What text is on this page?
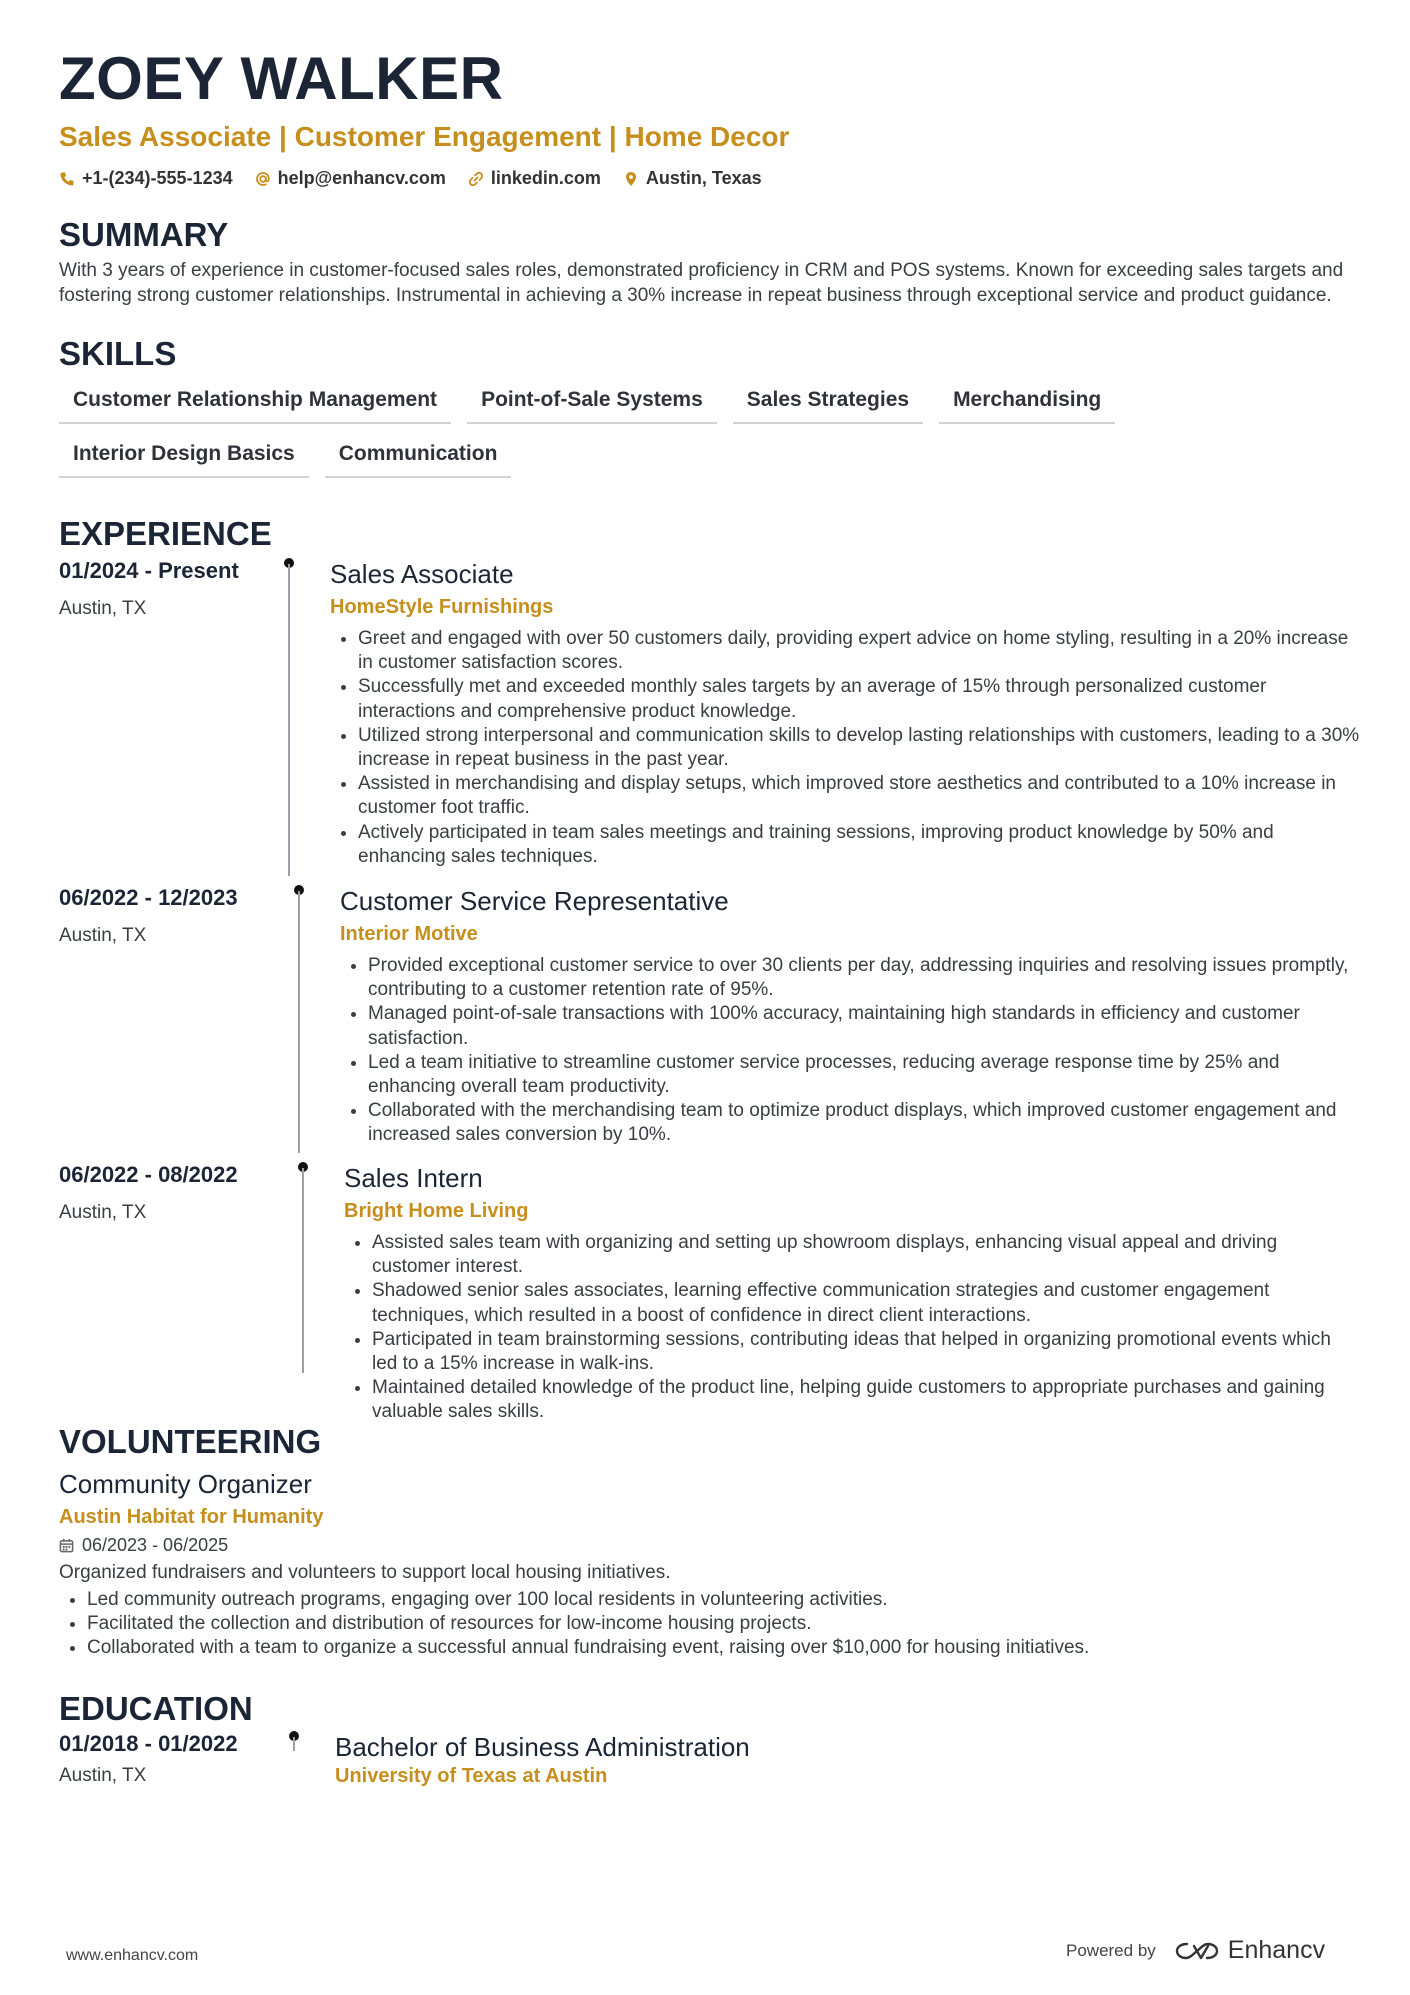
ZOEY WALKER
Sales Associate | Customer Engagement | Home Decor
+1-(234)-555-1234	help@enhancv.com	linkedin.com	Austin, Texas
SUMMARY
With 3 years of experience in customer-focused sales roles, demonstrated proficiency in CRM and POS systems. Known for exceeding sales targets and fostering strong customer relationships. Instrumental in achieving a 30% increase in repeat business through exceptional service and product guidance.
SKILLS
Customer Relationship Management	Point-of-Sale Systems	Sales Strategies	Merchandising
Interior Design Basics	Communication
EXPERIENCE
01/2024 - Present
Austin, TX
Sales Associate
HomeStyle Furnishings
• Greet and engaged with over 50 customers daily, providing expert advice on home styling, resulting in a 20% increase in customer satisfaction scores.
• Successfully met and exceeded monthly sales targets by an average of 15% through personalized customer interactions and comprehensive product knowledge.
• Utilized strong interpersonal and communication skills to develop lasting relationships with customers, leading to a 30% increase in repeat business in the past year.
• Assisted in merchandising and display setups, which improved store aesthetics and contributed to a 10% increase in customer foot traffic.
• Actively participated in team sales meetings and training sessions, improving product knowledge by 50% and enhancing sales techniques.
06/2022 - 12/2023
Austin, TX
Customer Service Representative
Interior Motive
• Provided exceptional customer service to over 30 clients per day, addressing inquiries and resolving issues promptly, contributing to a customer retention rate of 95%.
• Managed point-of-sale transactions with 100% accuracy, maintaining high standards in efficiency and customer satisfaction.
• Led a team initiative to streamline customer service processes, reducing average response time by 25% and enhancing overall team productivity.
• Collaborated with the merchandising team to optimize product displays, which improved customer engagement and increased sales conversion by 10%.
06/2022 - 08/2022
Austin, TX
Sales Intern
Bright Home Living
• Assisted sales team with organizing and setting up showroom displays, enhancing visual appeal and driving customer interest.
• Shadowed senior sales associates, learning effective communication strategies and customer engagement techniques, which resulted in a boost of confidence in direct client interactions.
• Participated in team brainstorming sessions, contributing ideas that helped in organizing promotional events which led to a 15% increase in walk-ins.
• Maintained detailed knowledge of the product line, helping guide customers to appropriate purchases and gaining valuable sales skills.
VOLUNTEERING
Community Organizer
Austin Habitat for Humanity
06/2023 - 06/2025
Organized fundraisers and volunteers to support local housing initiatives.
• Led community outreach programs, engaging over 100 local residents in volunteering activities.
• Facilitated the collection and distribution of resources for low-income housing projects.
• Collaborated with a team to organize a successful annual fundraising event, raising over $10,000 for housing initiatives.
EDUCATION
01/2018 - 01/2022
Austin, TX
Bachelor of Business Administration
University of Texas at Austin
www.enhancv.com	Powered by	Enhancv
